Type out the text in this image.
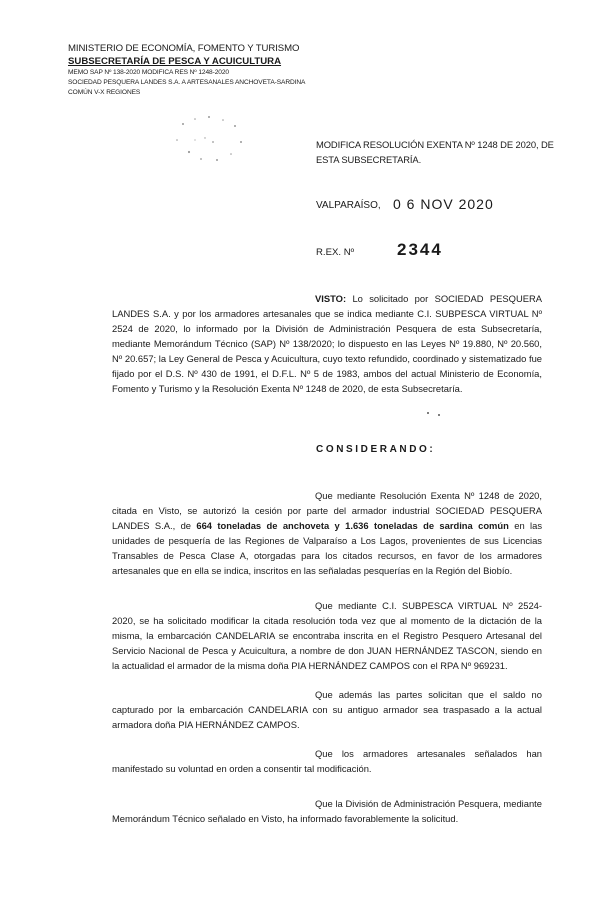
MINISTERIO DE ECONOMÍA, FOMENTO Y TURISMO
SUBSECRETARÍA DE PESCA Y ACUICULTURA
MEMO SAP Nº 138-2020 MODIFICA RES Nº 1248-2020
SOCIEDAD PESQUERA LANDES S.A. A ARTESANALES ANCHOVETA-SARDINA
COMÚN V-X REGIONES
MODIFICA RESOLUCIÓN EXENTA Nº 1248 DE 2020, DE ESTA SUBSECRETARÍA.
VALPARAÍSO, 0 6 NOV 2020
R.EX. Nº	2344
VISTO: Lo solicitado por SOCIEDAD PESQUERA LANDES S.A. y por los armadores artesanales que se indica mediante C.I. SUBPESCA VIRTUAL Nº 2524 de 2020, lo informado por la División de Administración Pesquera de esta Subsecretaría, mediante Memorándum Técnico (SAP) Nº 138/2020; lo dispuesto en las Leyes Nº 19.880, Nº 20.560, Nº 20.657; la Ley General de Pesca y Acuicultura, cuyo texto refundido, coordinado y sistematizado fue fijado por el D.S. Nº 430 de 1991, el D.F.L. Nº 5 de 1983, ambos del actual Ministerio de Economía, Fomento y Turismo y la Resolución Exenta Nº 1248 de 2020, de esta Subsecretaría.
CONSIDERANDO:
Que mediante Resolución Exenta Nº 1248 de 2020, citada en Visto, se autorizó la cesión por parte del armador industrial SOCIEDAD PESQUERA LANDES S.A., de 664 toneladas de anchoveta y 1.636 toneladas de sardina común en las unidades de pesquería de las Regiones de Valparaíso a Los Lagos, provenientes de sus Licencias Transables de Pesca Clase A, otorgadas para los citados recursos, en favor de los armadores artesanales que en ella se indica, inscritos en las señaladas pesquerías en la Región del Biobío.
Que mediante C.I. SUBPESCA VIRTUAL Nº 2524-2020, se ha solicitado modificar la citada resolución toda vez que al momento de la dictación de la misma, la embarcación CANDELARIA se encontraba inscrita en el Registro Pesquero Artesanal del Servicio Nacional de Pesca y Acuicultura, a nombre de don JUAN HERNÁNDEZ TASCON, siendo en la actualidad el armador de la misma doña PIA HERNÁNDEZ CAMPOS con el RPA Nº 969231.
Que además las partes solicitan que el saldo no capturado por la embarcación CANDELARIA con su antiguo armador sea traspasado a la actual armadora doña PIA HERNÁNDEZ CAMPOS.
Que los armadores artesanales señalados han manifestado su voluntad en orden a consentir tal modificación.
Que la División de Administración Pesquera, mediante Memorándum Técnico señalado en Visto, ha informado favorablemente la solicitud.
